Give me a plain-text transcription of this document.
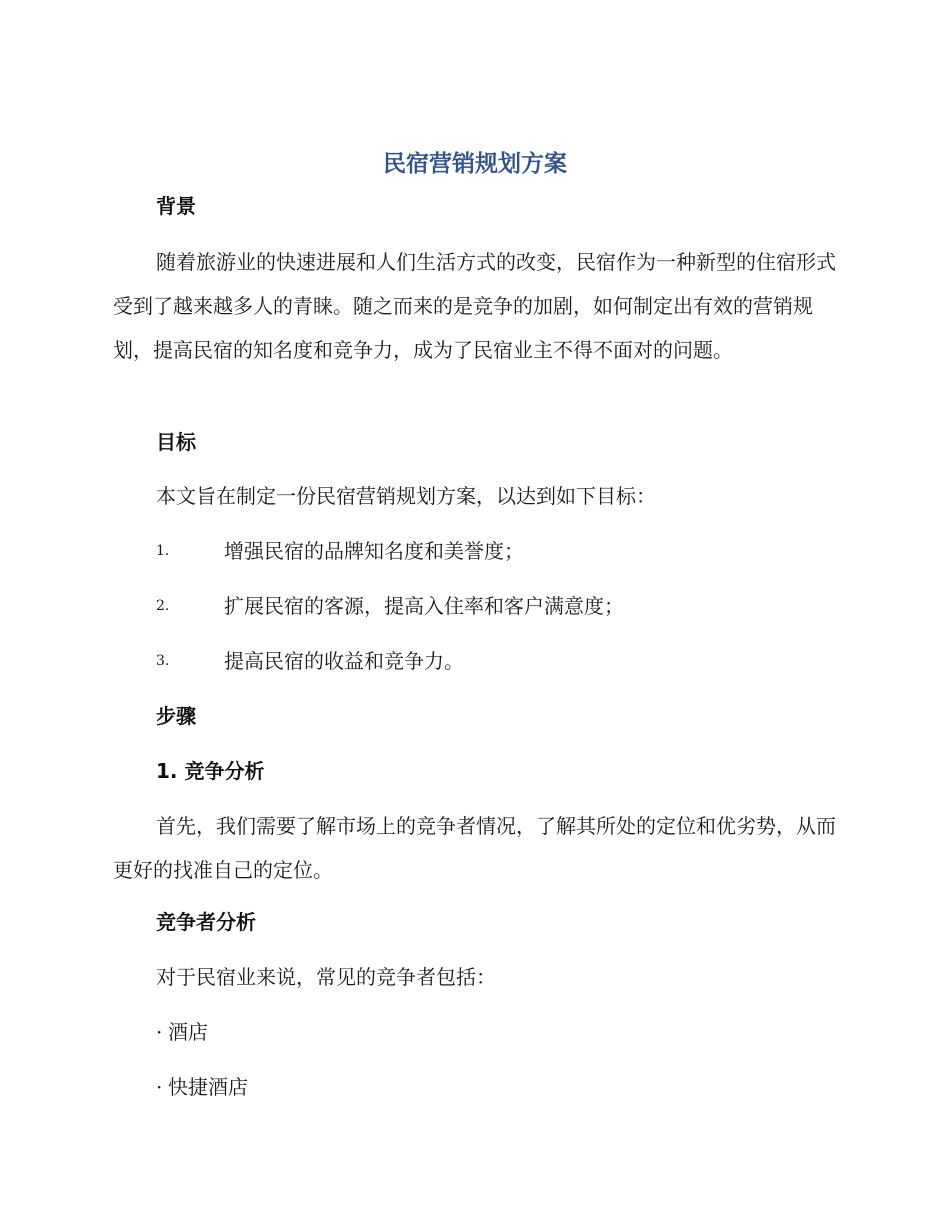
民宿营销规划方案
背景

随着旅游业的快速进展和人们生活方式的改变，民宿作为一种新型的住宿形式受到了越来越多人的青睐。随之而来的是竞争的加剧，如何制定出有效的营销规划，提高民宿的知名度和竞争力，成为了民宿业主不得不面对的问题。

目标

本文旨在制定一份民宿营销规划方案，以达到如下目标：

1.	增强民宿的品牌知名度和美誉度；
2.	扩展民宿的客源，提高入住率和客户满意度；
3.	提高民宿的收益和竞争力。
步骤
1. 竞争分析

首先，我们需要了解市场上的竞争者情况，了解其所处的定位和优劣势，从而更好的找准自己的定位。

竞争者分析

对于民宿业来说，常见的竞争者包括：

· 酒店
· 快捷酒店
